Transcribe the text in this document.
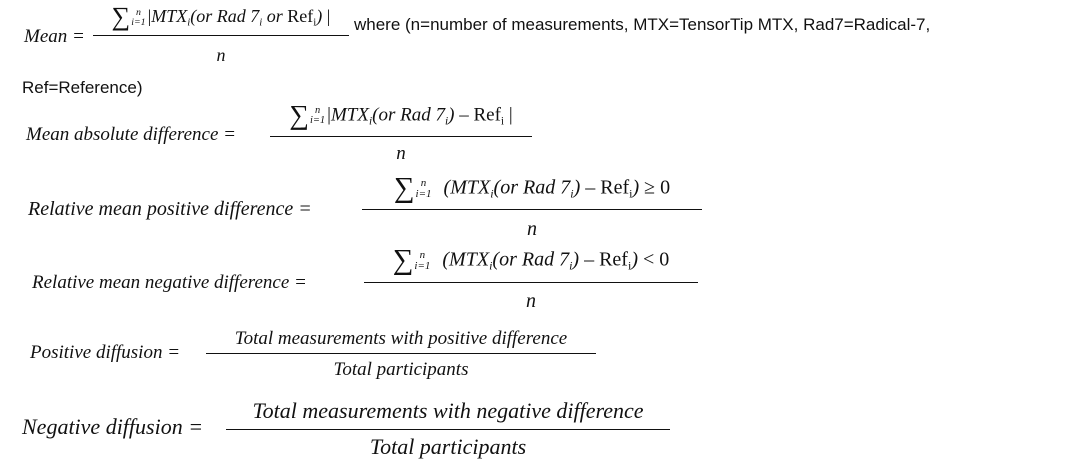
Mean =
∑ n
i=1 $|MTX_i(or$ Rad $7_i$ or Ref$_i$) |
n
where (n=number of measurements, MTX=TensorTip MTX, Rad7=Radical-7,
Ref=Reference)
Mean absolute difference =
∑ n
i=1 $|MTX_i(or$ Rad $7_i) - Ref_i$ |
n
Relative mean positive difference =
∑ n
i=1 ($MTX_i(or$ Rad $7_i) - Ref_i) \ge 0$
n
Relative mean negative difference =
∑ n
i=1 ($MTX_i(or$ Rad $7_i) - Ref_i) < 0$
n
Positive diffusion =
Total measurements with positive difference
Total participants
Negative diffusion =
Total measurements with negative difference
Total participants
